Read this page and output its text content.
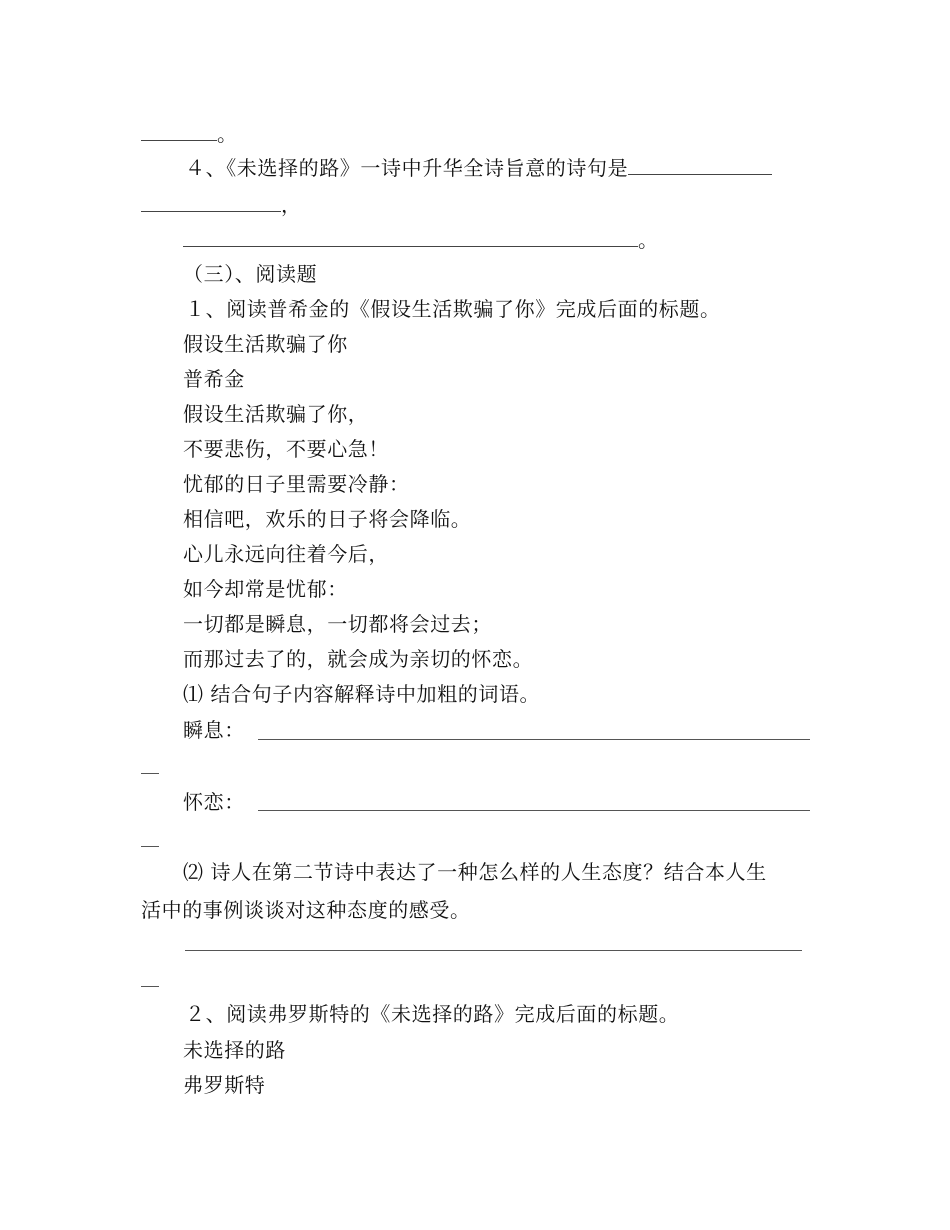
。
４、《未选择的路》一诗中升华全诗旨意的诗句是
，
。
（三）、阅读题
１、阅读普希金的《假设生活欺骗了你》完成后面的标题。
假设生活欺骗了你
普希金
假设生活欺骗了你，
不要悲伤，不要心急！
忧郁的日子里需要冷静：
相信吧，欢乐的日子将会降临。
心儿永远向往着今后，
如今却常是忧郁：
一切都是瞬息，一切都将会过去；
而那过去了的，就会成为亲切的怀恋。
⑴ 结合句子内容解释诗中加粗的词语。
瞬息：
怀恋：
⑵ 诗人在第二节诗中表达了一种怎么样的人生态度？结合本人生
活中的事例谈谈对这种态度的感受。
２、阅读弗罗斯特的《未选择的路》完成后面的标题。
未选择的路
弗罗斯特
